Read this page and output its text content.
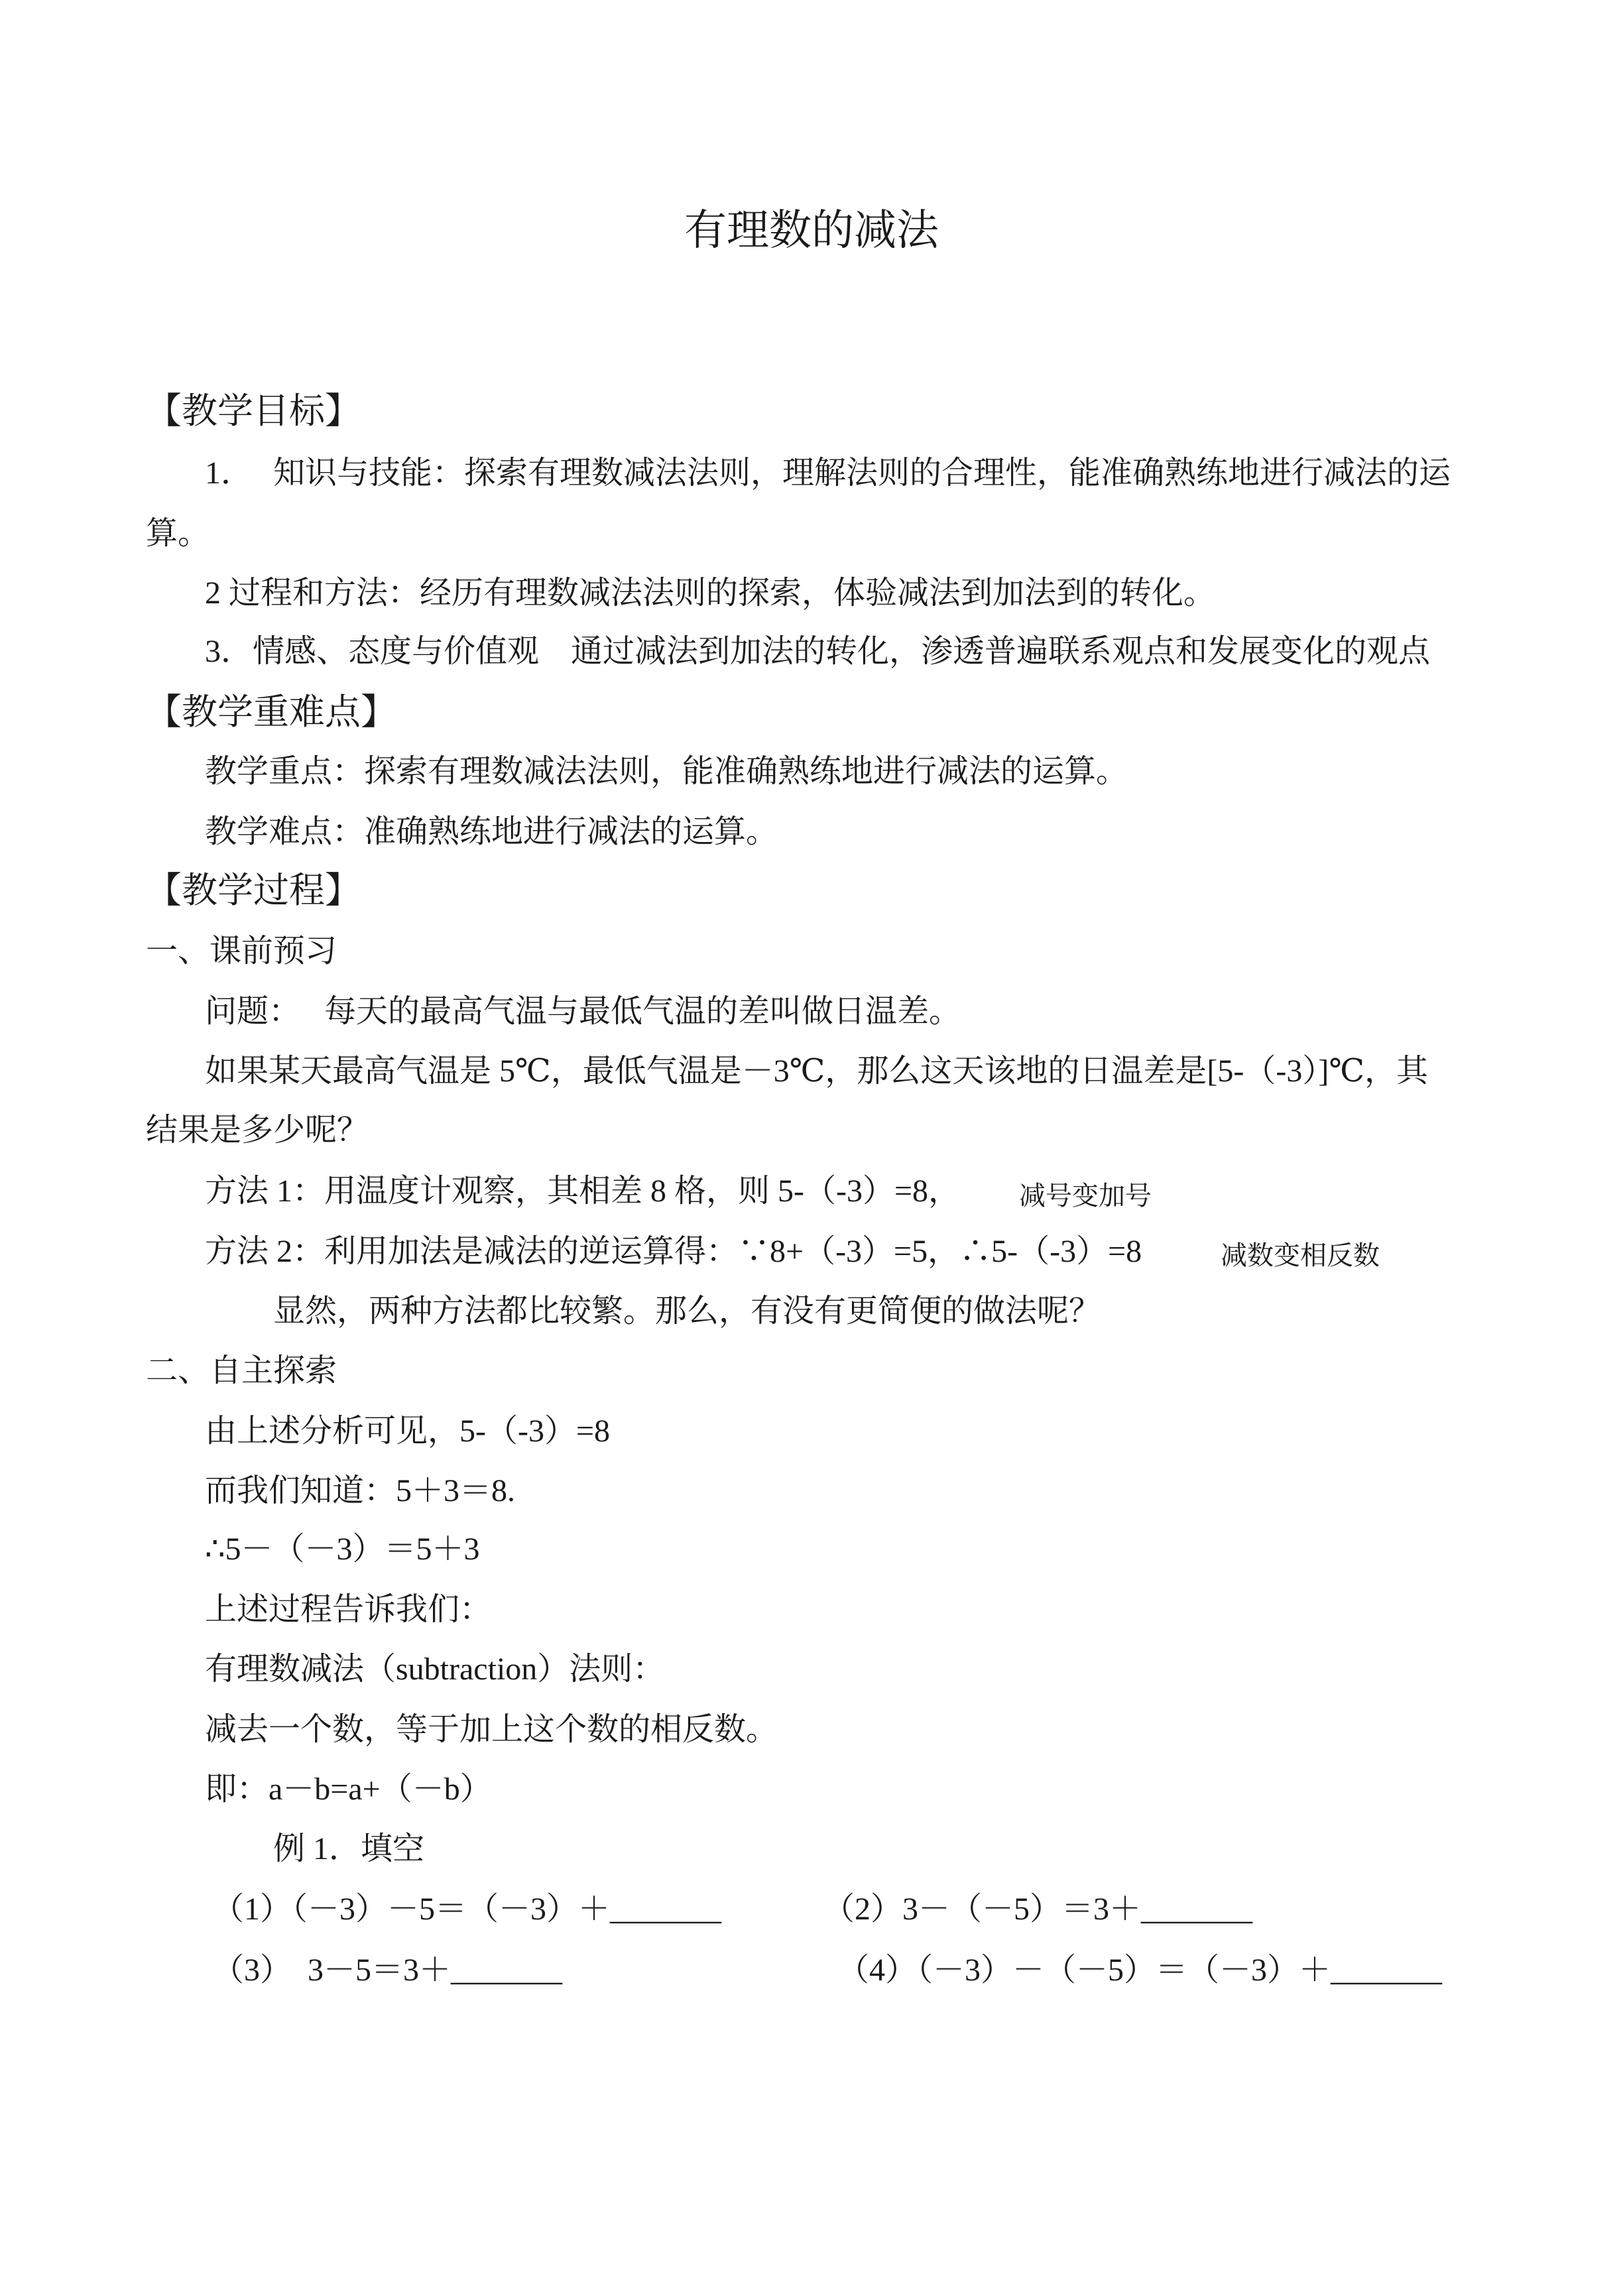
有理数的减法
【教学目标】
1． 知识与技能：探索有理数减法法则，理解法则的合理性，能准确熟练地进行减法的运
算。
2 过程和方法：经历有理数减法法则的探索，体验减法到加法到的转化。
3．情感、态度与价值观　通过减法到加法的转化，渗透普遍联系观点和发展变化的观点
【教学重难点】
教学重点：探索有理数减法法则，能准确熟练地进行减法的运算。
教学难点：准确熟练地进行减法的运算。
【教学过程】
一、课前预习
问题：　 每天的最高气温与最低气温的差叫做日温差。
如果某天最高气温是 5℃，最低气温是－3℃，那么这天该地的日温差是[5-（-3）]℃，其
结果是多少呢？
方法 1：用温度计观察，其相差 8 格，则 5-（-3）=8， 减号变加号
方法 2：利用加法是减法的逆运算得：∵8+（-3）=5，∴5-（-3）=8	减数变相反数
显然，两种方法都比较繁。那么，有没有更简便的做法呢？
二、自主探索
由上述分析可见，5-（-3）=8
而我们知道：5＋3＝8.
∴5－（－3）＝5＋3
上述过程告诉我们：
有理数减法（subtraction）法则：
减去一个数，等于加上这个数的相反数。
即：a－b=a+（－b）
例 1．填空
（1）（－3）－5＝（－3）＋_______	（2）3－（－5）＝3＋_______
（3）　3－5＝3＋_______	（4）（－3）－（－5）＝（－3）＋_______
